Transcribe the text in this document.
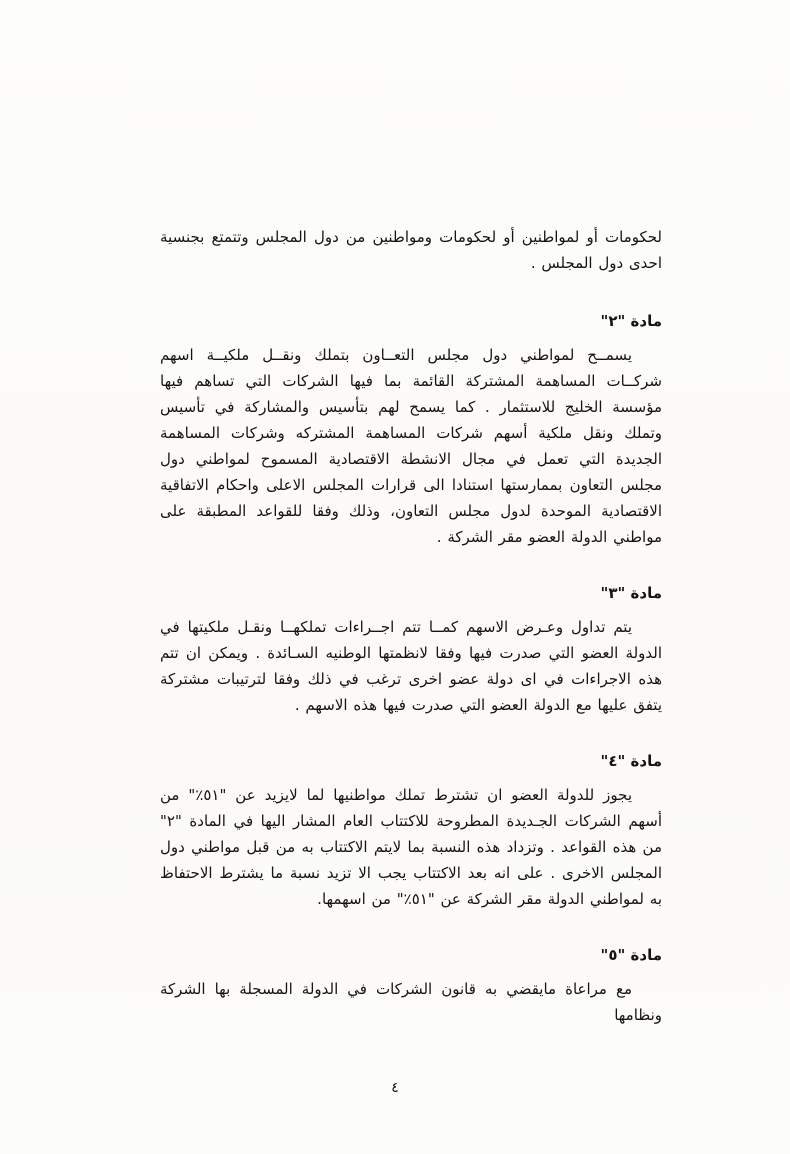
لحكومات أو لمواطنين أو لحكومات ومواطنين من دول المجلس وتتمتع بجنسية احدى دول المجلس .

مادة "٢"

يسمــح لمواطني دول مجلس التعــاون بتملك ونقــل ملكيــة اسهم شركــات المساهمة المشتركة القائمة بما فيها الشركات التي تساهم فيها مؤسسة الخليج للاستثمار . كما يسمح لهم بتأسيس والمشاركة في تأسيس وتملك ونقل ملكية أسهم شركات المساهمة المشتركه وشركات المساهمة الجديدة التي تعمل في مجال الانشطة الاقتصادية المسموح لمواطني دول مجلس التعاون بممارستها استنادا الى قرارات المجلس الاعلى واحكام الاتفاقية الاقتصادية الموحدة لدول مجلس التعاون، وذلك وفقا للقواعد المطبقة على مواطني الدولة العضو مقر الشركة .

مادة "٣"

يتم تداول وعـرض الاسهم كمــا تتم اجــراءات تملكهــا ونقـل ملكيتها في الدولة العضو التي صدرت فيها وفقا لانظمتها الوطنيه السـائدة . ويمكن ان تتم هذه الاجراءات في اى دولة عضو اخرى ترغب في ذلك وفقا لترتيبات مشتركة يتفق عليها مع الدولة العضو التي صدرت فيها هذه الاسهم .

مادة "٤"

يجوز للدولة العضو ان تشترط تملك مواطنيها لما لايزيد عن "٥١٪" من أسهم الشركات الجـديدة المطروحة للاكتتاب العام المشار اليها في المادة "٢" من هذه القواعد . وتزداد هذه النسبة بما لايتم الاكتتاب به من قبل مواطني دول المجلس الاخرى . على انه بعد الاكتتاب يجب الا تزيد نسبة ما يشترط الاحتفاظ به لمواطني الدولة مقر الشركة عن "٥١٪" من اسهمها.

مادة "٥"

مع مراعاة مايقضي به قانون الشركات في الدولة المسجلة بها الشركة ونظامها

٤
